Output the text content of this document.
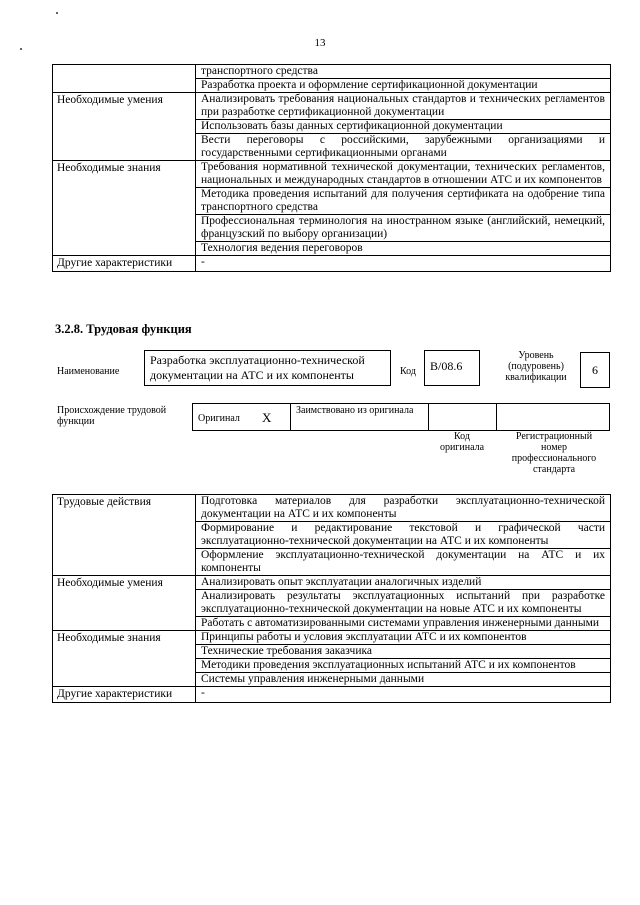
13
	транспортного средства
	Разработка проекта и оформление сертификационной документации
Необходимые умения	Анализировать требования национальных стандартов и технических регламентов при разработке сертификационной документации
	Использовать базы данных сертификационной документации
	Вести переговоры с российскими, зарубежными организациями и государственными сертификационными органами
Необходимые знания	Требования нормативной технической документации, технических регламентов, национальных и международных стандартов в отношении АТС и их компонентов
	Методика проведения испытаний для получения сертификата на одобрение типа транспортного средства
	Профессиональная терминология на иностранном языке (английский, немецкий, французский по выбору организации)
	Технология ведения переговоров
Другие характеристики	-
3.2.8. Трудовая функция
Наименование
Разработка эксплуатационно-технической документации на АТС и их компоненты	Код	B/08.6
Уровень (подуровень) квалификации
6
Происхождение трудовой функции	Оригинал X Заимствовано из оригинала
Код оригинала
Регистрационный номер профессионального стандарта
Трудовые действия	Подготовка материалов для разработки эксплуатационно-технической документации на АТС и их компоненты
	Формирование и редактирование текстовой и графической части эксплуатационно-технической документации на АТС и их компоненты
	Оформление эксплуатационно-технической документации на АТС и их компоненты
Необходимые умения	Анализировать опыт эксплуатации аналогичных изделий
	Анализировать результаты эксплуатационных испытаний при разработке эксплуатационно-технической документации на новые АТС и их компоненты
	Работать с автоматизированными системами управления инженерными данными
Необходимые знания	Принципы работы и условия эксплуатации АТС и их компонентов
	Технические требования заказчика
	Методики проведения эксплуатационных испытаний АТС и их компонентов
	Системы управления инженерными данными
Другие характеристики	-
